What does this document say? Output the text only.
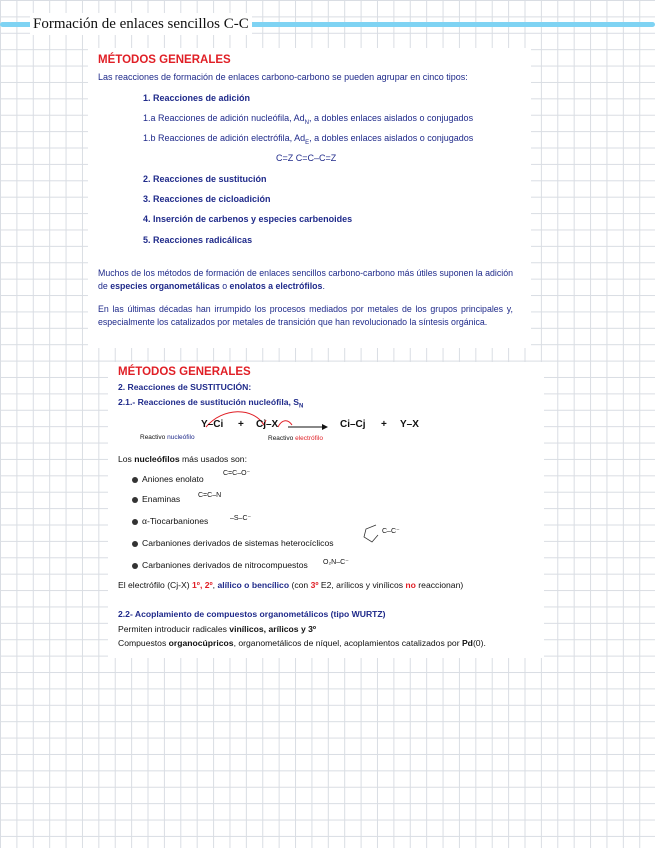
Formación de enlaces sencillos C-C
MÉTODOS GENERALES
Las reacciones de formación de enlaces carbono-carbono se pueden agrupar en cinco tipos:
1. Reacciones de adición
1.a Reacciones de adición nucleófila, $Ad_N$, a dobles enlaces aislados o conjugados
1.b Reacciones de adición electrófila, $Ad_E$, a dobles enlaces aislados o conjugados
C=Z C=C–C=Z
2. Reacciones de sustitución
3. Reacciones de cicloadición
4. Inserción de carbenos y especies carbenoides
5. Reacciones radicálicas
Muchos de los métodos de formación de enlaces sencillos carbono-carbono más útiles suponen la adición de especies organometálicas o enolatos a electrófilos.
En las últimas décadas han irrumpido los procesos mediados por metales de los grupos principales y, especialmente los catalizados por metales de transición que han revolucionado la síntesis orgánica.
MÉTODOS GENERALES
2. Reacciones de SUSTITUCIÓN:
2.1.- Reacciones de sustitución nucleófila, $S_N$
Y–Ci + Cj–X → Ci–Cj + Y–X
Reactivo nucleófilo	Reactivo electrófilo
Los nucleófilos más usados son:
Aniones enolato
C=C–O⁻
Enaminas	C=C–N
α-Tiocarbaniones	–S–C⁻
Carbaniones derivados de sistemas heterocíclicos
C–C⁻
Carbaniones derivados de nitrocompuestos O₂N–C⁻
El electrófilo (Cj-X) 1º, 2º, alílico o bencílico (con 3º E2, arílicos y vinílicos no reaccionan)
2.2- Acoplamiento de compuestos organometálicos (tipo WURTZ)
Permiten introducir radicales vinílicos, arílicos y 3º
Compuestos organocúpricos, organometálicos de níquel, acoplamientos catalizados por Pd(0).
